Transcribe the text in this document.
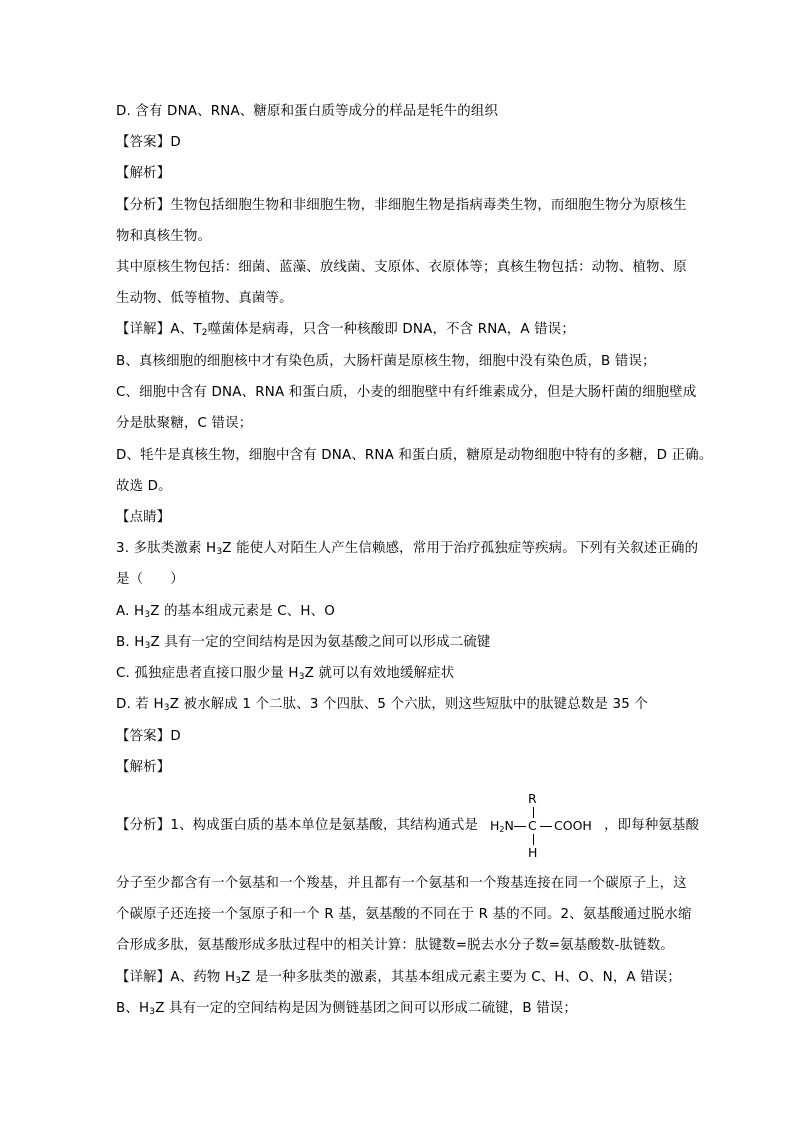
D. 含有 DNA、RNA、糖原和蛋白质等成分的样品是牦牛的组织
【答案】D
【解析】
【分析】生物包括细胞生物和非细胞生物，非细胞生物是指病毒类生物，而细胞生物分为原核生
物和真核生物。
其中原核生物包括：细菌、蓝藻、放线菌、支原体、衣原体等；真核生物包括：动物、植物、原
生动物、低等植物、真菌等。
【详解】A、$T_2$噬菌体是病毒，只含一种核酸即 DNA，不含 RNA，A 错误；
B、真核细胞的细胞核中才有染色质，大肠杆菌是原核生物，细胞中没有染色质，B 错误；
C、细胞中含有 DNA、RNA 和蛋白质，小麦的细胞壁中有纤维素成分，但是大肠杆菌的细胞壁成
分是肽聚糖，C 错误；
D、牦牛是真核生物，细胞中含有 DNA、RNA 和蛋白质，糖原是动物细胞中特有的多糖，D 正确。
故选 D。
【点睛】
3. 多肽类激素 $H_3Z$ 能使人对陌生人产生信赖感，常用于治疗孤独症等疾病。下列有关叙述正确的
是（　　）
A. $H_3Z$ 的基本组成元素是 C、H、O
B. $H_3Z$ 具有一定的空间结构是因为氨基酸之间可以形成二硫键
C. 孤独症患者直接口服少量 $H_3Z$ 就可以有效地缓解症状
D. 若 $H_3Z$ 被水解成 1 个二肽、3 个四肽、5 个六肽，则这些短肽中的肽键总数是 35 个
【答案】D
【解析】
【分析】1、构成蛋白质的基本单位是氨基酸，其结构通式是	，即每种氨基酸
R
$H_2N$ C COOH
H
分子至少都含有一个氨基和一个羧基，并且都有一个氨基和一个羧基连接在同一个碳原子上，这
个碳原子还连接一个氢原子和一个 R 基，氨基酸的不同在于 R 基的不同。2、氨基酸通过脱水缩
合形成多肽，氨基酸形成多肽过程中的相关计算：肽键数=脱去水分子数=氨基酸数-肽链数。
【详解】A、药物 $H_3Z$ 是一种多肽类的激素，其基本组成元素主要为 C、H、O、N，A 错误；
B、$H_3Z$ 具有一定的空间结构是因为侧链基团之间可以形成二硫键，B 错误；
